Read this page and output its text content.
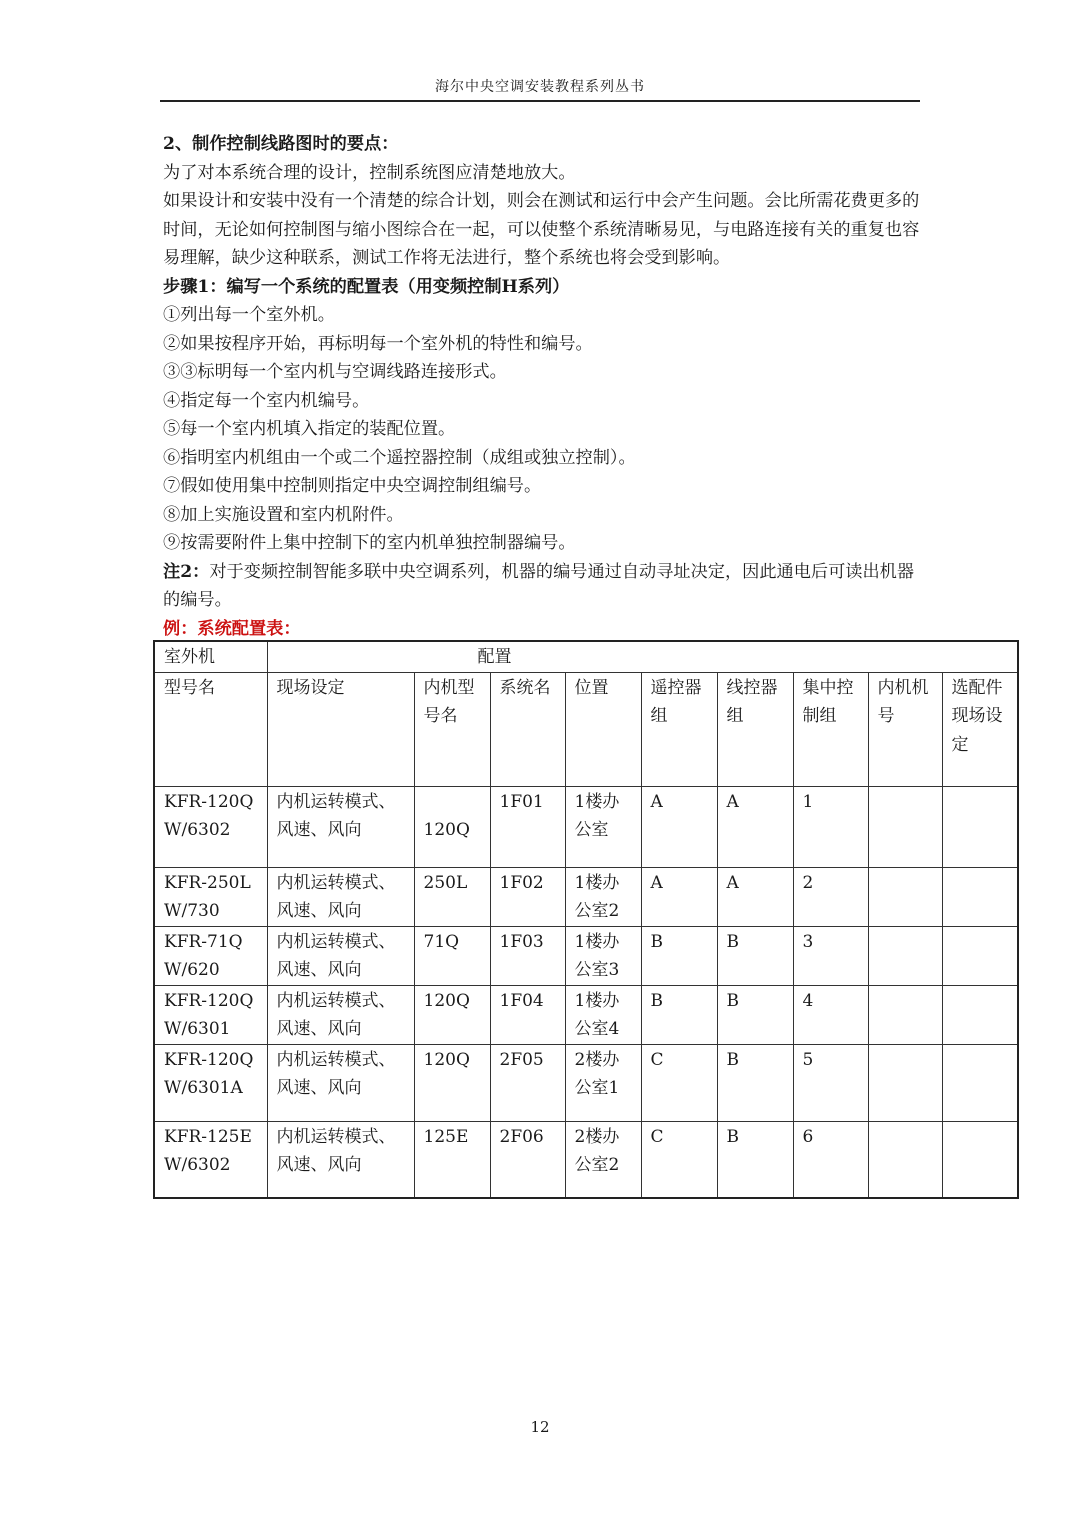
海尔中央空调安装教程系列丛书

2、制作控制线路图时的要点：

为了对本系统合理的设计，控制系统图应清楚地放大。

如果设计和安装中没有一个清楚的综合计划，则会在测试和运行中会产生问题。会比所需花费更多的时间，无论如何控制图与缩小图综合在一起，可以使整个系统清晰易见，与电路连接有关的重复也容易理解，缺少这种联系，测试工作将无法进行，整个系统也将会受到影响。

步骤1：编写一个系统的配置表（用变频控制H系列）

①列出每一个室外机。

②如果按程序开始，再标明每一个室外机的特性和编号。

③③标明每一个室内机与空调线路连接形式。

④指定每一个室内机编号。

⑤每一个室内机填入指定的装配位置。

⑥指明室内机组由一个或二个遥控器控制（成组或独立控制）。

⑦假如使用集中控制则指定中央空调控制组编号。

⑧加上实施设置和室内机附件。

⑨按需要附件上集中控制下的室内机单独控制器编号。

注2：对于变频控制智能多联中央空调系列，机器的编号通过自动寻址决定，因此通电后可读出机器的编号。

例：系统配置表：

室外机	配置								
型号名	现场设定	内机型号名	系统名	位置	遥控器组	线控器组	集中控制组	内机机号	选配件现场设定
KFR-120QW/6302	内机运转模式、风速、风向	120Q	1F01	1楼办公室	A	A	1		
KFR-250LW/730	内机运转模式、风速、风向	250L	1F02	1楼办公室2	A	A	2		
KFR-71QW/620	内机运转模式、风速、风向	71Q	1F03	1楼办公室3	B	B	3		
KFR-120QW/6301	内机运转模式、风速、风向	120Q	1F04	1楼办公室4	B	B	4		
KFR-120QW/6301A	内机运转模式、风速、风向	120Q	2F05	2楼办公室1	C	B	5		
KFR-125EW/6302	内机运转模式、风速、风向	125E	2F06	2楼办公室2	C	B	6		
12
